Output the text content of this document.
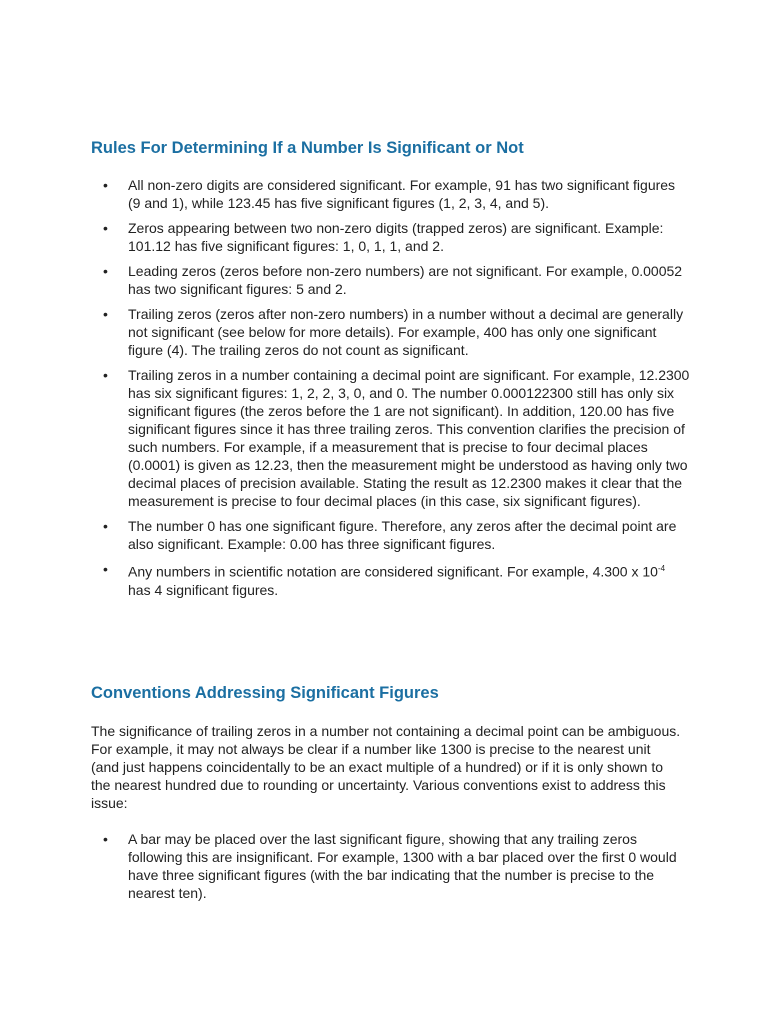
Rules For Determining If a Number Is Significant or Not
• All non-zero digits are considered significant. For example, 91 has two significant figures (9 and 1), while 123.45 has five significant figures (1, 2, 3, 4, and 5).
• Zeros appearing between two non-zero digits (trapped zeros) are significant. Example: 101.12 has five significant figures: 1, 0, 1, 1, and 2.
• Leading zeros (zeros before non-zero numbers) are not significant. For example, 0.00052 has two significant figures: 5 and 2.
• Trailing zeros (zeros after non-zero numbers) in a number without a decimal are generally not significant (see below for more details). For example, 400 has only one significant figure (4). The trailing zeros do not count as significant.
• Trailing zeros in a number containing a decimal point are significant. For example, 12.2300 has six significant figures: 1, 2, 2, 3, 0, and 0. The number 0.000122300 still has only six significant figures (the zeros before the 1 are not significant). In addition, 120.00 has five significant figures since it has three trailing zeros. This convention clarifies the precision of such numbers. For example, if a measurement that is precise to four decimal places (0.0001) is given as 12.23, then the measurement might be understood as having only two decimal places of precision available. Stating the result as 12.2300 makes it clear that the measurement is precise to four decimal places (in this case, six significant figures).
• The number 0 has one significant figure. Therefore, any zeros after the decimal point are also significant. Example: 0.00 has three significant figures.
• Any numbers in scientific notation are considered significant. For example, 4.300 x $10^{-4}$ has 4 significant figures.
Conventions Addressing Significant Figures

The significance of trailing zeros in a number not containing a decimal point can be ambiguous. For example, it may not always be clear if a number like 1300 is precise to the nearest unit (and just happens coincidentally to be an exact multiple of a hundred) or if it is only shown to the nearest hundred due to rounding or uncertainty. Various conventions exist to address this issue:

• A bar may be placed over the last significant figure, showing that any trailing zeros following this are insignificant. For example, 1300 with a bar placed over the first 0 would have three significant figures (with the bar indicating that the number is precise to the nearest ten).
